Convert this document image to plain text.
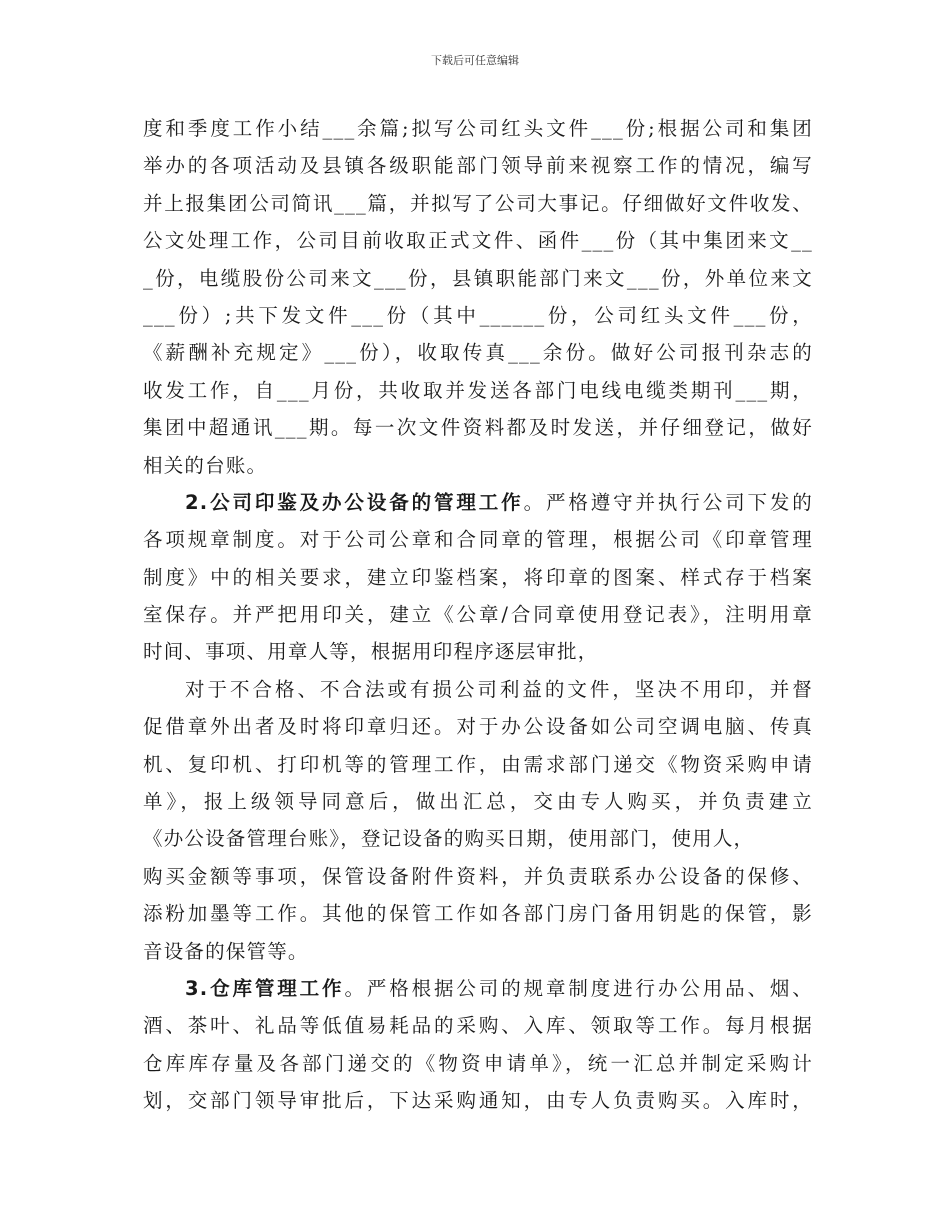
下载后可任意编辑
度和季度工作小结___余篇;拟写公司红头文件___份;根据公司和集团
举办的各项活动及县镇各级职能部门领导前来视察工作的情况，编写
并上报集团公司简讯___篇，并拟写了公司大事记。仔细做好文件收发、
公文处理工作，公司目前收取正式文件、函件___份（其中集团来文__
_份，电缆股份公司来文___份，县镇职能部门来文___份，外单位来文
___份）;共下发文件___份（其中______份，公司红头文件___份，
《薪酬补充规定》___份），收取传真___余份。做好公司报刊杂志的
收发工作，自___月份，共收取并发送各部门电线电缆类期刊___期，
集团中超通讯___期。每一次文件资料都及时发送，并仔细登记，做好
相关的台账。
2.公司印鉴及办公设备的管理工作。严格遵守并执行公司下发的
各项规章制度。对于公司公章和合同章的管理，根据公司《印章管理
制度》中的相关要求，建立印鉴档案，将印章的图案、样式存于档案
室保存。并严把用印关，建立《公章/合同章使用登记表》，注明用章
时间、事项、用章人等，根据用印程序逐层审批，
对于不合格、不合法或有损公司利益的文件，坚决不用印，并督
促借章外出者及时将印章归还。对于办公设备如公司空调电脑、传真
机、复印机、打印机等的管理工作，由需求部门递交《物资采购申请
单》，报上级领导同意后，做出汇总，交由专人购买，并负责建立
《办公设备管理台账》，登记设备的购买日期，使用部门，使用人，
购买金额等事项，保管设备附件资料，并负责联系办公设备的保修、
添粉加墨等工作。其他的保管工作如各部门房门备用钥匙的保管，影
音设备的保管等。
3.仓库管理工作。严格根据公司的规章制度进行办公用品、烟、
酒、茶叶、礼品等低值易耗品的采购、入库、领取等工作。每月根据
仓库库存量及各部门递交的《物资申请单》，统一汇总并制定采购计
划，交部门领导审批后，下达采购通知，由专人负责购买。入库时，
